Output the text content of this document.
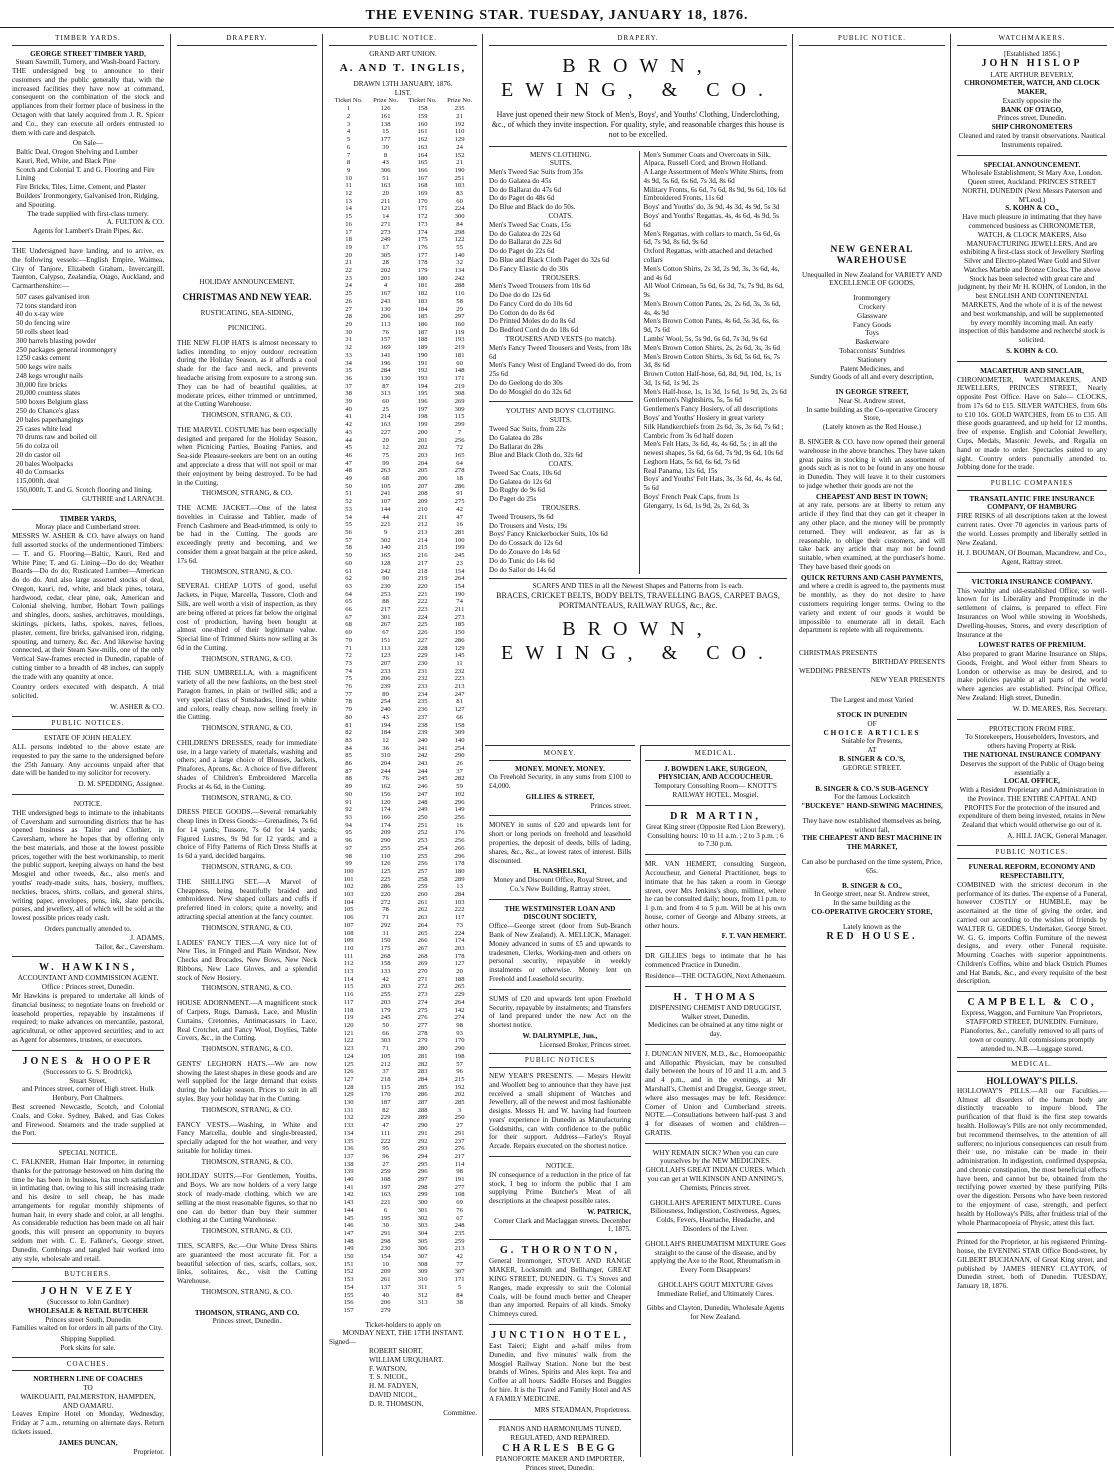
THE EVENING STAR. TUESDAY, JANUARY 18, 1876.
TIMBER YARDS.
GEORGE STREET TIMBER YARD,
Steam Sawmill, Turnery, and Wash-board Factory.

THE undersigned beg to announce to their customers and the public generally that, with the increased facilities they have now at command, consequent on the combination of the stock and appliances from their former place of business in the Octagon with that lately acquired from J. R. Spicer and Co., they can execute all orders entrusted to them with care and despatch.

On Sale—
Baltic Deal, Oregon Shelving and Lumber
Kauri, Red, White, and Black Pine
Scotch and Colonial T. and G. Flooring and Fire Lining
Fire Bricks, Tiles, Lime, Cement, and Plaster
Builders' Ironmongery, Galvanised Iron, Ridging, and Spouting.
The trade supplied with first-class turnery.
A. FULTON & CO.
Agents for Lambert's Drain Pipes, &c.

THE Undersigned have landing, and to arrive, ex the following vessels:—English Empire, Waimea, City of Tanjore, Elizabeth Graham, Invercargill, Taunton, Calypso, Zealandia, Otago, Auckland, and Carmarthenshire:—

507 cases galvanised iron
72 tons standard iron
40 do x-ray wire
50 do fencing wire
50 rolls sheet lead
300 barrels blasting powder
250 packages general ironmongery
1250 casks cement
500 kegs wire nails
248 kegs wrought nails
30,000 fire bricks
20,000 countess slates
500 boxes Belgium glass
250 do Chance's glass
20 bales paperhangings
25 cases white lead
70 drums raw and boiled oil
56 do colza oil
20 do castor oil
20 bales Woolpacks
40 do Cornsacks
115,000ft. deal
150,000ft. T. and G. Scotch flooring and lining.
GUTHRIE and LARNACH.
TIMBER YARDS,
Moray place and Cumberland street.

MESSRS W. ASHER & CO. have always on hand full assorted stocks of the undermentioned Timbers:— T. and G. Flooring—Baltic, Kauri, Red and White Pine; T. and G. Lining—Do do do; Weather Boards—Do do do; Rusticated Lumber—American do do do. And also large assorted stocks of deal, Oregon, kauri, red, white, and black pines, totara, hardwood, cedar, clear pine, oak, American and Colonial shelving, lumber, Hobart Town pailings and shingles, doors, sashes, architraves, mouldings, skirtings, pickets, laths, spokes, naves, felloes, plaster, cement, fire bricks, galvanised iron, ridging, spouting, and turnery, &c. &c. And likewise having connected, at their Steam Saw-mills, one of the only Vertical Saw-frames erected in Dunedin, capable of cutting timber to a breadth of 48 inches, can supply the trade with any quantity at once.

Country orders executed with despatch. A trial solicited.

W. ASHER & CO.
PUBLIC NOTICES.
ESTATE OF JOHN HEALEY.

ALL persons indebted to the above estate are requested to pay the same to the undersigned before the 25th January. Any accounts unpaid after that date will be handed to my solicitor for recovery.

D. M. SPEDDING, Assignee.
NOTICE.

THE undersigned begs to intimate to the inhabitants of Caversham and surrounding districts that he has opened business as Tailor and Clothier, in Caversham, where he hopes that by offering only the best materials, and those at the lowest possible prices, together with the best workmanship, to merit the public support, keeping always on hand the best Mosgiel and other tweeds, &c., also men's and youths' ready-made suits, hats, hosiery, mufflers, neckties, braces, shirts, collars, and general shirts, writing paper, envelopes, pens, ink, slate pencils, purses, and jewellery, all of which will be sold at the lowest possible prices ready cash.

Orders punctually attended to.
J. ADAMS,
Tailor, &c., Caversham.
W. HAWKINS,
ACCOUNTANT AND COMMISSION AGENT.
Office : Princes street, Dunedin.

Mr Hawkins is prepared to undertake all kinds of financial business; to negotiate loans on freehold or leasehold properties, repayable by instalments if required; to make advances on mercantile, pastoral, agricultural, or other approved securities; and to act as Agent for absentees, trustees, or executors.

JONES & HOOPER
(Successors to G. S. Brodrick),
Stuart Street,
and Princes street, corner of High street. Hulk Henbury, Port Chalmers.

Best screened Newcastle, Scotch, and Colonial Coals, and Coke. Sydney, Baked, and Gas Cokes and Firewood. Steamers and the trade supplied at the Port.

SPECIAL NOTICE.

C. FALKNER, Human Hair Importer, in returning thanks for the patronage bestowed on him during the time he has been in business, has much satisfaction in intimating that, owing to his still increasing trade and his desire to sell cheap, he has made arrangements for regular monthly shipments of human hair, in every shade and color, at all lengths. As considerable reduction has been made on all hair goods, this will present an opportunity to buyers seldom met with. C. E. Falkner's, George street, Dunedin. Combings and tangled hair worked into any style, wholesale and retail.

BUTCHERS.
JOHN VEZEY
(Successor to John Gardner)
WHOLESALE & RETAIL BUTCHER
Princes street South, Dunedin

Families waited on for orders in all parts of the City.

Shipping Supplied.
Pork skins for sale.
COACHES.
NORTHERN LINE OF COACHES
TO
WAIKOUAITI, PALMERSTON, HAMPDEN, AND OAMARU.

Leaves Empire Hotel on Monday, Wednesday, Friday at 7 a.m., returning on alternate days. Return tickets issued.

JAMES DUNCAN,
Proprietor.
DRAPERY.
HOLIDAY ANNOUNCEMENT.
CHRISTMAS AND NEW YEAR.
RUSTICATING, SEA-SIDING,
PICNICING.

THE NEW FLOP HATS is almost necessary to ladies intending to enjoy outdoor recreation during the Holiday Season, as it affords a cool shade for the face and neck, and prevents headache arising from exposure to a strong sun. They can be had of beautiful qualities, at moderate prices, either trimmed or untrimmed, at the Cutting Warehouse.

THOMSON, STRANG, & CO.

THE MARVEL COSTUME has been especially designed and prepared for the Holiday Season, when Picnicing Parties, Boating Parties, and Sea-side Pleasure-seekers are bent on an outing and appreciate a dress that will not spoil or mar their enjoyment by being destroyed. To be had in the Cutting.

THOMSON, STRANG, & CO.

THE ACME JACKET.—One of the latest novelties in Cuirasse and Tablier, made of French Cashmere and Bead-trimmed, is only to be had in the Cutting. The goods are exceedingly pretty and becoming, and we consider them a great bargain at the price asked, 17s 6d.

THOMSON, STRANG, & CO.

SEVERAL CHEAP LOTS of good, useful Jackets, in Pique, Marcella, Tussore, Cloth and Silk, are well worth a visit of inspection, as they are being offered at prices far below the original cost of production, having been bought at almost one-third of their legitimate value. Special line of Trimmed Skirts now selling at 3s 6d in the Cutting.

THOMSON, STRANG, & CO.

THE SUN UMBRELLA, with a magnificent variety of all the new fashions, on the best steel Paragon frames, in plain or twilled silk; and a very special class of Sunshades, lined in white and colors, really cheap, now selling freely in the Cutting.

THOMSON, STRANG, & CO.

CHILDREN'S DRESSES, ready for immediate use, in a large variety of materials, washing and others; and a large choice of Blouses, Jackets, Pinafores, Aprons, &c. A choice of five different shades of Children's Embroidered Marcella Frocks at 4s 6d, in the Cutting.

THOMSON, STRANG, & CO.

DRESS PIECE GOODS.—Several remarkably cheap lines in Dress Goods:—Grenadines, 7s 6d for 14 yards; Tussore, 7s 6d for 14 yards; Figured Lustres, 9s 9d for 12 yards; and a choice of Fifty Patterns of Rich Dress Stuffs at 1s 6d a yard, decided bargains.

THOMSON, STRANG, & CO.

THE SHILLING SET.—A Marvel of Cheapness, being beautifully braided and embroidered. New shaped collars and cuffs if preferred lined in colors; quite a novelty, and attracting special attention at the fancy counter.

THOMSON, STRANG, & CO.

LADIES' FANCY TIES.—A very nice lot of New Ties, in Fringed and Plain Windsor, New Checks and Brocades, New Bows, New Neck Ribbons, New Lace Gloves, and a splendid stock of New Hosiery.

THOMSON, STRANG, & CO.

HOUSE ADORNMENT.—A magnificent stock of Carpets, Rugs, Damask, Lace, and Muslin Curtains, Cretonnes, Antimacassars in Lace, Real Crotchet, and Fancy Wool, Doylies, Table Covers, &c., in the Cutting.

THOMSON, STRANG, & CO.

GENTS' LEGHORN HATS.—We are now showing the latest shapes in these goods and are well supplied for the large demand that exists during the holiday season. Prices to suit in all styles. Buy your holiday hat in the Cutting.

THOMSON, STRANG, & CO.

FANCY VESTS.—Washing, in White and Fancy Marcella, double and single-breasted, specially adapted for the hot weather, and very suitable for holiday times.

THOMSON, STRANG, & CO.

HOLIDAY SUITS.—For Gentlemen, Youths, and Boys. We are now holders of a very large stock of ready-made clothing, which we are selling at the most reasonable figures, so that no one can do better than buy their summer clothing at the Cutting Warehouse.

THOMSON, STRANG, & CO.

TIES, SCARFS, &c.—Our White Dress Shirts are guaranteed the most accurate fit. For a beautiful selection of ties, scarfs, collars, sox, links, solitaires, &c., visit the Cutting Warehouse.

THOMSON, STRANG, & CO.
THOMSON, STRANG, AND CO.
Princes street, Dunedin.
PUBLIC NOTICE.
GRAND ART UNION.
A. AND T. INGLIS,
DRAWN 13TH JANUARY, 1876.
LIST.
Ticket No.	Prize No.	Ticket No.	Prize No.
1	126	158	235
2	161	159	21
3	138	160	192
4	15	161	110
5	177	162	129
6	39	163	24
7	8	164	152
8	43	165	21
9	306	166	190
10	51	167	251
11	163	168	103
12	20	169	83
13	211	170	60
14	121	171	224
15	14	172	300
16	271	173	84
17	273	174	298
18	249	175	122
19	17	176	55
20	305	177	140
21	28	178	32
22	202	179	134
23	201	180	242
24	4	181	288
25	167	182	116
26	243	183	58
27	130	184	29
28	206	185	297
29	113	186	160
30	76	187	119
31	157	188	193
32	169	189	219
33	141	190	181
34	196	191	60
35	284	192	148
36	130	193	171
37	87	194	219
38	313	195	308
39	60	196	269
40	25	197	309
41	214	198	115
42	163	199	299
43	227	200	7
44	20	201	256
45	12	202	72
46	75	203	165
47	99	204	64
48	263	205	278
49	68	206	18
50	105	207	286
51	241	208	91
52	107	209	275
53	144	210	42
54	44	211	47
55	221	212	16
56	9	213	281
57	302	214	100
58	140	215	199
59	165	216	245
60	128	217	23
61	242	218	154
62	90	219	264
63	230	220	154
64	253	221	190
65	88	222	74
66	217	223	211
67	301	224	273
68	267	225	185
69	67	226	150
70	151	227	286
71	113	228	129
72	123	229	145
73	207	230	11
74	233	231	232
75	206	232	223
76	239	233	213
77	89	234	247
78	254	235	81
79	240	236	127
80	43	237	66
81	194	238	158
82	184	239	309
83	12	240	140
84	36	241	254
85	310	242	290
86	204	243	26
87	244	244	37
88	76	245	282
89	162	246	59
90	156	247	102
91	120	248	296
92	174	249	149
93	166	250	256
94	174	251	16
95	209	252	176
96	290	253	256
97	255	254	266
98	110	255	296
99	126	256	178
100	125	257	180
101	225	258	289
102	286	259	13
103	220	260	284
104	272	261	103
105	78	262	222
106	71	263	117
107	292	264	73
108	31	265	224
109	150	266	174
110	175	267	203
111	268	268	178
112	158	269	127
113	133	270	20
114	42	271	188
115	203	272	265
116	255	273	229
117	203	274	264
118	179	275	142
119	245	276	274
120	50	277	98
121	66	278	93
122	303	279	170
123	71	280	290
124	105	281	198
125	212	282	57
126	37	283	96
127	218	284	215
128	115	285	192
129	170	286	202
130	187	287	285
131	82	288	3
132	229	289	250
133	47	290	27
134	111	291	291
135	222	292	237
136	95	293	276
137	96	294	217
138	27	295	114
139	259	296	98
140	108	297	191
141	197	298	277
142	163	299	108
143	221	300	69
144	6	301	76
145	195	302	67
146	30	303	248
147	291	304	235
148	298	305	259
149	230	306	213
150	154	307	42
151	10	308	77
152	209	309	307
153	261	310	171
154	137	311	5
155	40	312	84
156	206	313	38
157	279		
Ticket-holders to apply on
MONDAY NEXT, THE 17TH INSTANT.
Signed—
ROBERT SHORT,
WILLIAM URQUHART.
F. WATSON,
T. S. NICOL,
H. M. FADYEN,
DAVID NICOL,
D. R. THOMSON,
Committee.
DRAPERY.
BROWN, EWING, & CO.

Have just opened their new Stock of Men's, Boys', and Youths' Clothing, Underclothing, &c., of which they invite inspection. For quality, style, and reasonable charges this house is not to be excelled.

MEN'S CLOTHING.
SUITS.
Men's Tweed Sac Suits from 35s
Do do Galatea do 45s
Do do Ballarat do 47s 6d
Do do Paget do 48s 6d
Do Blue and Black do do 50s.
COATS.
Men's Tweed Sac Coats, 15s
Do do Galatea do 22s 6d
Do do Ballarat do 22s 6d
Do do Paget do 22s 6d
Do Blue and Black Cloth Paget do 32s 6d
Do Fancy Elastic do do 30s
TROUSERS.
Men's Tweed Trousers from 10s 6d
Do Doe do do 12s 6d
Do Fancy Cord do do 10s 6d
Do Cotton do do 8s 6d
Do Printed Moles do do 8s 6d
Do Bedford Cord do do 18s 6d
TROUSERS AND VESTS (to match).
Men's Fancy Tweed Trousers and Vests, from 18s 6d
Men's Fancy West of England Tweed do do, from 25s 6d
Do do Geelong do do 30s
Do do Mosgiel do do 32s 6d
YOUTHS' AND BOYS' CLOTHING.
SUITS.
Tweed Sac Suits, from 22s
Do Galatea do 28s
Do Ballarat do 28s
Blue and Black Cloth do, 32s 6d
COATS.
Tweed Sac Coats, 10s 6d
Do Galatea do 12s 6d
Do Rugby do 9s 6d
Do Paget do 25s
TROUSERS.
Tweed Trousers, 9s 6d
Do Trousers and Vests, 19s
Boys' Fancy Knickerbocker Suits, 10s 6d
Do do Cossack do 12s 6d
Do do Zouave do 14s 6d
Do do Tunic do 14s 6d
Do do Sailor do 14s 6d
Men's Summer Coats and Overcoats in Silk, Alpaca, Russell Cord, and Brown Holland.
A Large Assortment of Men's White Shirts, from 4s 9d, 5s 6d, 6s 6d, 7s 3d, 8s 6d
Military Fronts, 6s 6d, 7s 6d, 8s 9d, 9s 6d, 10s 6d
Embroidered Fronts, 11s 6d
Boys' and Youths' do, 3s 9d, 4s 3d, 4s 9d, 5s 3d
Boys' and Youths' Regattas, 4s, 4s 6d, 4s 9d, 5s 6d
Men's Regattas, with collars to match, 5s 6d, 6s 6d, 7s 9d, 8s 6d, 9s 6d
Oxford Regattas, with attached and detached collars
Men's Cotton Shirts, 2s 3d, 2s 9d, 3s, 3s 6d, 4s, and 4s 6d
All Wool Crimean, 5s 6d, 6s 3d, 7s, 7s 9d, 8s 6d, 9s
Men's Brown Cotton Pants, 2s, 2s 6d, 3s, 3s 6d, 4s, 4s 9d
Men's Brown Cotton Pants, 4s 6d, 5s 3d, 6s, 6s 9d, 7s 6d
Lambs' Wool, 5s, 5s 9d, 6s 6d, 7s 3d, 9s 6d
Men's Brown Cotton Shirts, 2s, 2s 6d, 3s, 3s 6d
Men's Brown Cotton Shirts, 3s 6d, 5s 6d, 6s, 7s 3d, 8s 6d
Brown Cotton Half-hose, 6d, 8d, 9d, 10d, 1s, 1s 3d, 1s 6d, 1s 9d, 2s
Men's Half-hose, 1s, 1s 3d, 1s 6d, 1s 9d, 2s, 2s 6d
Gentlemen's Nightshirts, 5s, 5s 6d
Gentlemen's Fancy Hosiery, of all descriptions
Boys' and Youths' Hosiery in great variety
Silk Handkerchiefs from 2s 6d, 3s, 3s 6d, 7s 6d ; Cambric from 3s 6d half dozen
Men's Felt Hats, 3s 6d, 4s, 4s 6d, 5s ; in all the newest shapes, 5s 6d, 6s 6d, 7s 9d, 9s 6d, 10s 6d
Leghorn Hats, 5s 6d, 6s 6d, 7s 6d
Real Panama, 12s 6d, 15s
Boys' and Youths' Felt Hats, 3s, 3s 6d, 4s, 4s 6d, 5s 6d
Boys' French Peak Caps, from 1s
Glengarry, 1s 6d, 1s 9d, 2s, 2s 6d, 3s
SCARFS AND TIES in all the Newest Shapes and Patterns from 1s each.
BRACES, CRICKET BELTS, BODY BELTS, TRAVELLING BAGS, CARPET BAGS, PORTMANTEAUS, RAILWAY RUGS, &c., &c.
BROWN, EWING, & CO.
MONEY.
MONEY. MONEY. MONEY.

On Freehold Security, in any sums from £100 to £4,000.

GILLIES & STREET,
Princes street.

MONEY in sums of £20 and upwards lent for short or long periods on freehold and leasehold properties, the deposit of deeds, bills of lading, shares, &c., &c., at lowest rates of interest. Bills discounted.

H. NASHELSKI,
Money and Discount Office, Royal Street, and Co.'s New Building, Rattray street.
THE WESTMINSTER LOAN AND DISCOUNT SOCIETY,

Office—George street (door from Sub-Branch Bank of New Zealand). A. MELLICK, Manager. Money advanced in sums of £5 and upwards to tradesmen, Clerks, Working-men and others on personal security, repayable in weekly instalments or otherwise. Money lent on Freehold and Leasehold security.

SUMS of £20 and upwards lent upon Freehold Security, repayable by instalments; and Transfers of land prepared under the new Act on the shortest notice.

W. DALRYMPLE, Jun.,
Licensed Broker, Princes street.
PUBLIC NOTICES

NEW YEAR'S PRESENTS. — Messrs Hewitt and Woollett beg to announce that they have just received a small shipment of Watches and Jewellery, all of the newest and most fashionable designs. Messrs H. and W. having had fourteen years' experience in Dunedin as Manufacturing Goldsmiths, can with confidence to the public for their support. Address—Farley's Royal Arcade. Repairs executed on the shortest notice.

NOTICE.

IN consequence of a reduction in the price of fat stock, I beg to inform the public that I am supplying Prime Butcher's Meat of all descriptions at the cheapest possible rates.

W. PATRICK,
Corner Clark and Maclaggan streets. December 1, 1875.
G. THORONTON,

General Ironmonger, STOVE AND RANGE MAKER, Locksmith and Bellhanger, GREAT KING STREET, DUNEDIN. G. T.'s Stoves and Ranges, made expressly to suit the Colonial Coals, will be found much better and Cheaper than any imported. Repairs of all kinds. Smoky Chimneys cured.

JUNCTION HOTEL,

East Taieri; Eight and a-half miles from Dunedin, and five minutes' walk from the Mosgiel Railway Station. None but the best brands of Wines, Spirits and Ales kept. Tea and Coffee at all hours. Saddle Horses and Buggies for hire. It is the Travel and Family Hotel and AS A FAMILY MEDICINE.

MRS STEADMAN, Proprietress.
PIANOS AND HARMONIUMS TUNED, REGULATED, AND REPAIRED.
CHARLES BEGG
PIANOFORTE MAKER AND IMPORTER, Princes street, Dunedin.
MEDICAL.
J. BOWDEN LAKE, SURGEON, PHYSICIAN, AND ACCOUCHEUR.
Temporary Consulting Room— KNOTT'S RAILWAY HOTEL, Mosgiel.
DR MARTIN,
Great King street (Opposite Red Lion Brewery). Consulting hours: 10 to 11 a.m. ; 2 to 3 p.m. ; 6 to 7.30 p.m.

MR. VAN HEMERT, consulting Surgeon, Accoucheur, and General Practitioner, begs to intimate that he has taken a room in George street, over Mrs Jenkins's shop, milliner, where he can be consulted daily; hours, from 11 p.m. to 1 p.m. and from 4 to 5 p.m. Will be at his own house, corner of George and Albany streets, at other hours.

F. T. VAN HEMERT.

DR GILLIES begs to intimate that he has commenced Practice in Dunedin.

Residence—THE OCTAGON, Next Athenaeum.
H. THOMAS
DISPENSING CHEMIST AND DRUGGIST,
Walker street, Dunedin.
Medicines can be obtained at any time night or day.

J. DUNCAN NIVEN, M.D., &c., Homoeopathic and Allopathic Physician, may be consulted daily between the hours of 10 and 11 a.m. and 3 and 4 p.m., and in the evenings, at Mr Marshall's, Chemist and Druggist, George street, where also messages may be left. Residence: Corner of Union and Cumberland streets. NOTE.—Consultations between half-past 3 and 4 for diseases of women and children—GRATIS.

WHY REMAIN SICK? When you can cure yourselves by the NEW MEDICINES. GHOLLAH'S GREAT INDIAN CURES. Which you can get at WILKINSON AND ANNING'S, Chemists, Princes street.
GHOLLAH'S APERIENT MIXTURE. Cures Biliousness, Indigestion, Costiveness, Agues, Colds, Fevers, Heartache, Headache, and Disorders of the Liver.
GHOLLAH'S RHEUMATISM MIXTURE Goes straight to the cause of the disease, and by applying the Axe to the Root, Rheumatism in Every Form Disappears!
GHOLLAH'S GOUT MIXTURE Gives Immediate Relief, and Ultimately Cures.
Gibbs and Clayton, Dunedin, Wholesale Agents for New Zealand.
PUBLIC NOTICE.
NEW GENERAL WAREHOUSE
Unequalled in New Zealand for VARIETY AND EXCELLENCE OF GOODS,
Ironmongery
Crockery
Glassware
Fancy Goods
Toys
Basketware
Tobacconists' Sundries
Stationery
Patent Medicines, and
Sundry Goods of all and every description,
IN GEORGE STREET,
Near St. Andrew street,
In same building as the Co-operative Grocery Store,
(Lately known as the Red House.)

B. SINGER & CO. have now opened their general warehouse in the above branches. They have taken great pains in stocking it with an assortment of goods such as is not to be found in any one house in Dunedin. They will leave it to their customers to judge whether their goods are not the

CHEAPEST AND BEST IN TOWN;

at any rate, persons are at liberty to return any article if they find that they can get it cheaper in any other place, and the money will be promptly returned. They will endeavor, as far as is reasonable, to oblige their customers, and will take back any article that may not be found suitable, when examined, at the purchaser's home. They have based their goods on

QUICK RETURNS AND CASH PAYMENTS,

and where a credit is agreed to, the payments must be monthly, as they do not desire to have customers requiring longer terms. Owing to the variety and extent of our goods it would be impossible to enumerate all in detail. Each department is replete with all requirements.

CHRISTMAS PRESENTS
BIRTHDAY PRESENTS
WEDDING PRESENTS
NEW YEAR PRESENTS
The Largest and most Varied
STOCK IN DUNEDIN
OF
CHOICE ARTICLES
Suitable for Presents,
AT
B. SINGER & CO.'S,
GEORGE STREET.
B. SINGER & CO.'S SUB-AGENCY
For the famous Lockstitch
"BUCKEYE" HAND-SEWING MACHINES,
They have now established themselves as being, without fail,
THE CHEAPEST AND BEST MACHINE IN THE MARKET,
Can also be purchased on the time system, Price, 65s.
B. SINGER & CO.,
In George street, near St. Andrew street,
In the same building as the
CO-OPERATIVE GROCERY STORE,
Lately known as the
RED HOUSE.
WATCHMAKERS.
[Established 1856.]
JOHN HISLOP
LATE ARTHUR BEVERLY,
CHRONOMETER, WATCH, AND CLOCK MAKER,
Exactly opposite the
BANK OF OTAGO,
Princes street, Dunedin.
SHIP CHRONOMETERS
Cleaned and rated by transit observations. Nautical Instruments repaired.
SPECIAL ANNOUNCEMENT.
Wholesale Establishment, St Mary Axe, London. Queen street, Auckland. PRINCES STREET NORTH, DUNEDIN (Next Messrs Paterson and M'Leod.)
S. KOHN & CO.,

Have much pleasure in intimating that they have commenced business as CHRONOMETER, WATCH, & CLOCK MAKERS, Also MANUFACTURING JEWELLERS, And are exhibiting A first-class stock of Jewellery Sterling Silver and Electro-plated Ware Gold and Silver Watches Marble and Bronze Clocks. The above Stock has been selected with great care and judgment, by their Mr H. KOHN, of London, in the best ENGLISH AND CONTINENTAL MARKETS, And the whole of it is of the newest and best workmanship, and will be supplemented by every monthly incoming mail. An early inspection of this handsome and recherché stock is solicited.

S. KOHN & CO.
MACARTHUR AND SINCLAIR,

CHRONOMETER, WATCHMAKERS, AND JEWELLERS, PRINCES STREET, Nearly opposite Post Office. Have on Sale— CLOCKS, from 17s 6d to £15. SILVER WATCHES, from 60s to £10 10s. GOLD WATCHES, from £6 to £35. All these goods guaranteed, and up held for 12 months, free of expense. English and Colonial Jewellery, Cups, Medals, Masonic Jewels, and Regalia on hand or made to order. Spectacles suited to any sight. Country orders punctually attended to. Jobbing done for the trade.

PUBLIC COMPANIES
TRANSATLANTIC FIRE INSURANCE COMPANY, OF HAMBURG

FIRE RISKS of all descriptions taken at the lowest current rates. Over 70 agencies in various parts of the world. Losses promptly and liberally settled in New Zealand.

H. J. BOUMAN, Of Bouman, Macandrew, and Co., Agent, Rattray street.
VICTORIA INSURANCE COMPANY.

This wealthy and old-established Office, so well-known for its Liberality and Promptitude in the settlement of claims, is prepared to effect Fire Insurances on Wool while stowing in Woolsheds, Dwelling-houses, Stores, and every description of Insurance at the

LOWEST RATES OF PREMIUM.

Also prepared to grant Marine Insurance on Ships, Goods, Freight, and Wool either from Shears to London or otherwise as may be desired, and to make policies payable at all parts of the world where agencies are established. Principal Office, New Zealand: High street, Dunedin.

W. D. MEARES, Res. Secretary.
PROTECTION FROM FIRE.
To Storekeepers, Householders, Investors, and others having Property at Risk.
THE NATIONAL INSURANCE COMPANY
Deserves the support of the Public of Otago being essentially a
LOCAL OFFICE,

With a Resident Proprietary and Administration in the Province. THE ENTIRE CAPITAL AND PROFITS For the protection of the insured and expenditure of them being invested, retains in New Zealand that which would otherwise go out of it.

A. HILL JACK, General Manager.
PUBLIC NOTICES.
FUNERAL REFORM, ECONOMY AND RESPECTABILITY,

COMBINED with the strictest decorum in the performance of its duties. The expense of a Funeral, however COSTLY or HUMBLE, may be ascertained at the time of giving the order, and carried out according to the wishes of friends by WALTER G. GEDDES, Undertaker, George Street. W. G. G. imports Coffin Furniture of the newest designs, and every other Funeral requisite. Mourning Coaches with superior appointments. Children's Coffins, white and black Ostrich Plumes and Hat Bands, &c., and every requisite of the best description.

CAMPBELL & CO,

Express, Waggon, and Furniture Van Proprietors, STAFFORD STREET, DUNEDIN. Furniture, Pianofortes, &c., carefully removed to all parts of town or country. All commissions promptly attended to. N.B.—Luggage stored.

MEDICAL.
HOLLOWAY'S PILLS.

HOLLOWAY'S PILLS.—All our Faculties.—Almost all disorders of the human body are distinctly traceable to impure blood. The purification of that fluid is the first step towards health. Holloway's Pills are not only recommended, but recommend themselves, to the attention of all sufferers; no injurious consequences can result from their use, no mistake can be made in their administration. In indigestion, confirmed dyspepsia, and chronic constipation, the most beneficial effects have been, and cannot but be, obtained from the rectifying power exerted by these purifying Pills over the digestion. Persons who have been restored to the enjoyment of case, strength, and perfect health by Holloway's Pills, after fruitless trial of the whole Pharmacopoeia of Physic, attest this fact.

Printed for the Proprietor, at his registered Printing-house, the EVENING STAR Office Bond-street, by GILBERT BUCHANAN, of Great King street, and published by JAMES HENRY CLAYTON, of Dunedin street, both of Dunedin. TUESDAY, January 18, 1876.
